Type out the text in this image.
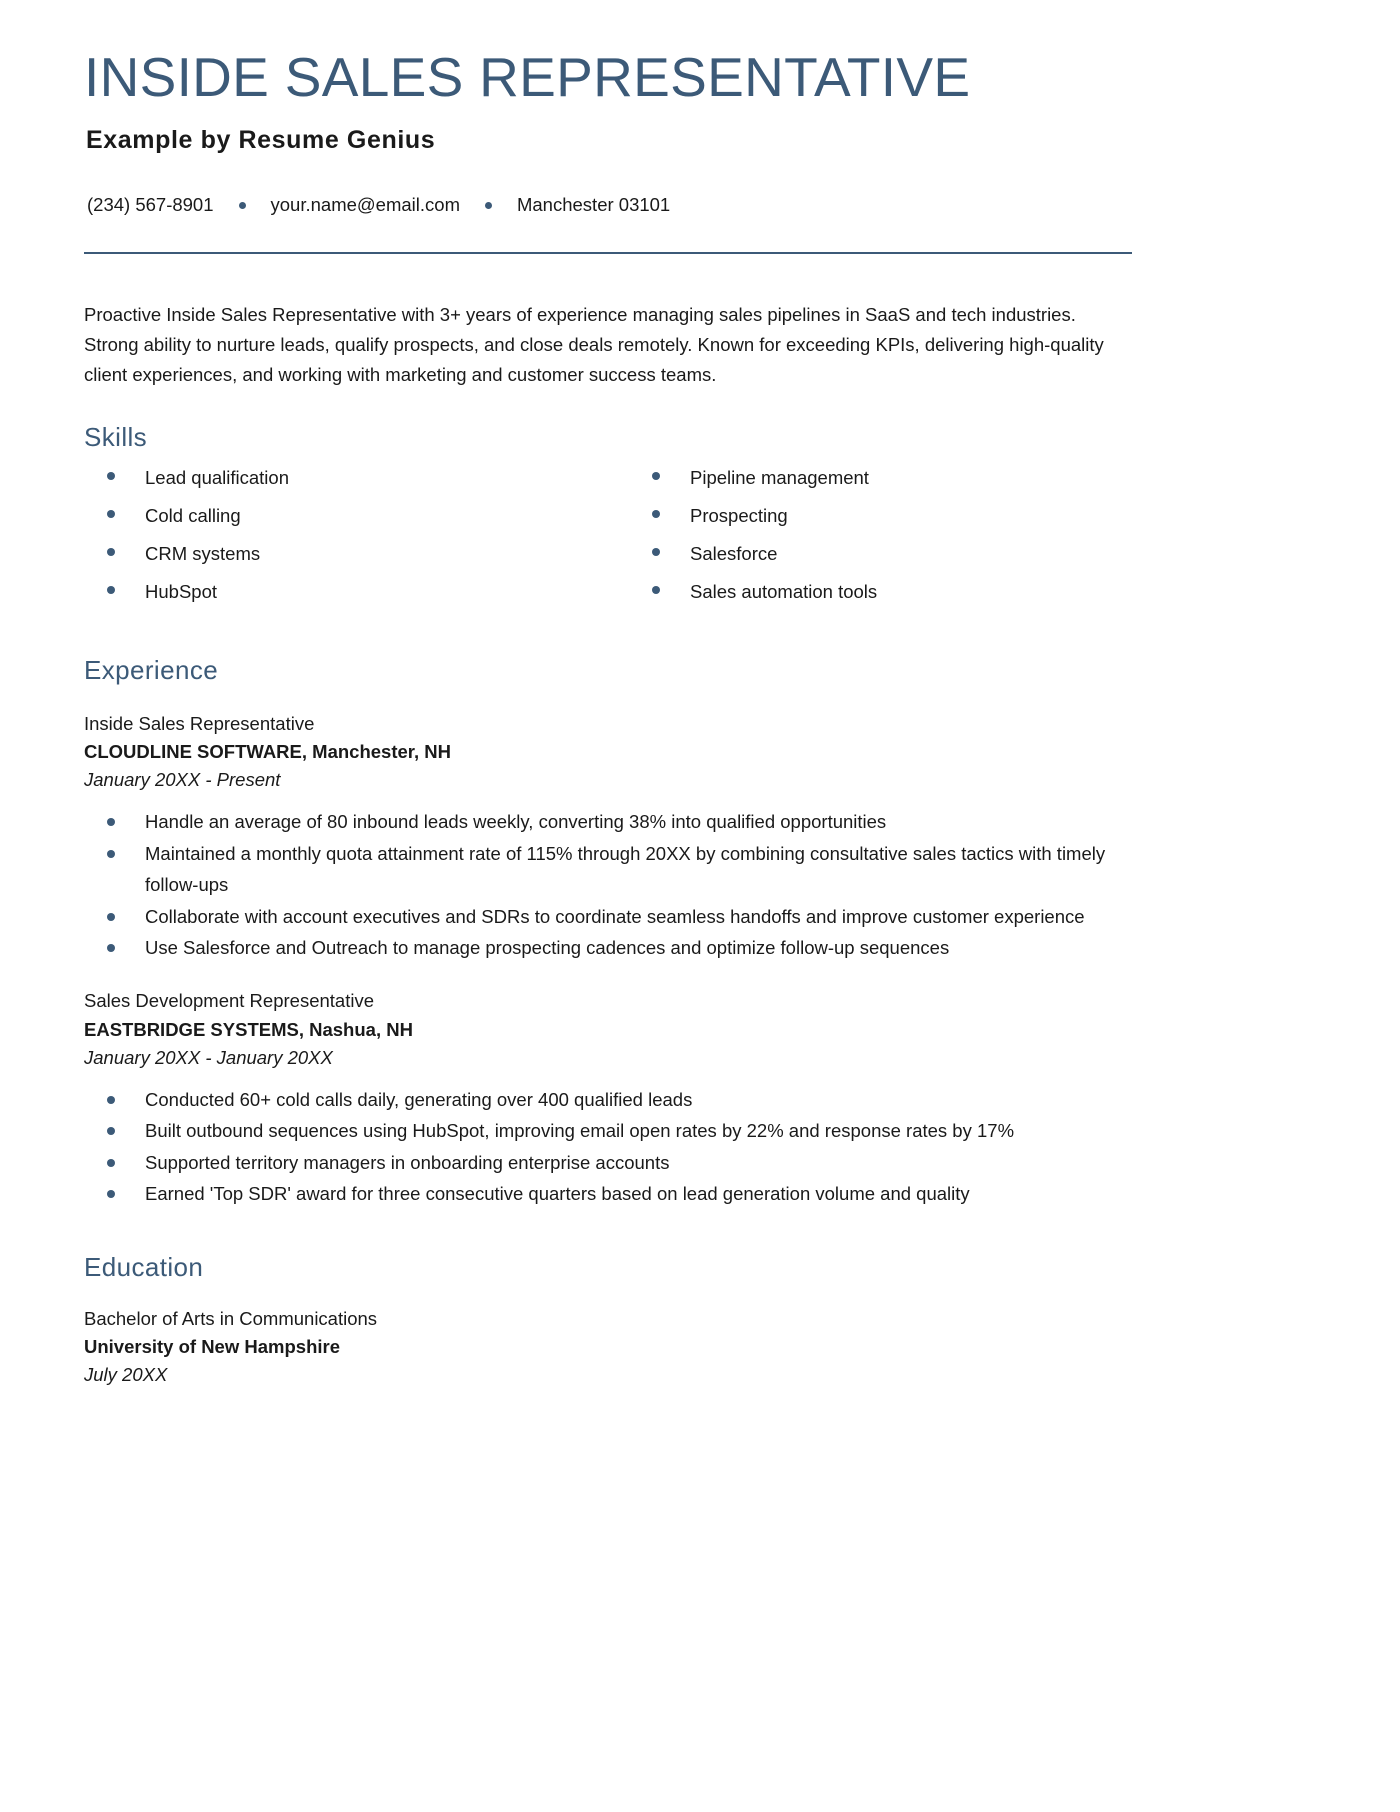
INSIDE SALES REPRESENTATIVE
Example by Resume Genius
(234) 567-8901	your.name@email.com	Manchester 03101

Proactive Inside Sales Representative with 3+ years of experience managing sales pipelines in SaaS and tech industries. Strong ability to nurture leads, qualify prospects, and close deals remotely. Known for exceeding KPIs, delivering high-quality client experiences, and working with marketing and customer success teams.

Skills
Lead qualification	Pipeline management
Cold calling	Prospecting
CRM systems	Salesforce
HubSpot	Sales automation tools
Experience
Inside Sales Representative
CLOUDLINE SOFTWARE, Manchester, NH
January 20XX - Present
Handle an average of 80 inbound leads weekly, converting 38% into qualified opportunities
Maintained a monthly quota attainment rate of 115% through 20XX by combining consultative sales tactics with timely follow-ups
Collaborate with account executives and SDRs to coordinate seamless handoffs and improve customer experience
Use Salesforce and Outreach to manage prospecting cadences and optimize follow-up sequences
Sales Development Representative
EASTBRIDGE SYSTEMS, Nashua, NH
January 20XX - January 20XX
Conducted 60+ cold calls daily, generating over 400 qualified leads
Built outbound sequences using HubSpot, improving email open rates by 22% and response rates by 17%
Supported territory managers in onboarding enterprise accounts
Earned 'Top SDR' award for three consecutive quarters based on lead generation volume and quality
Education
Bachelor of Arts in Communications
University of New Hampshire
July 20XX
